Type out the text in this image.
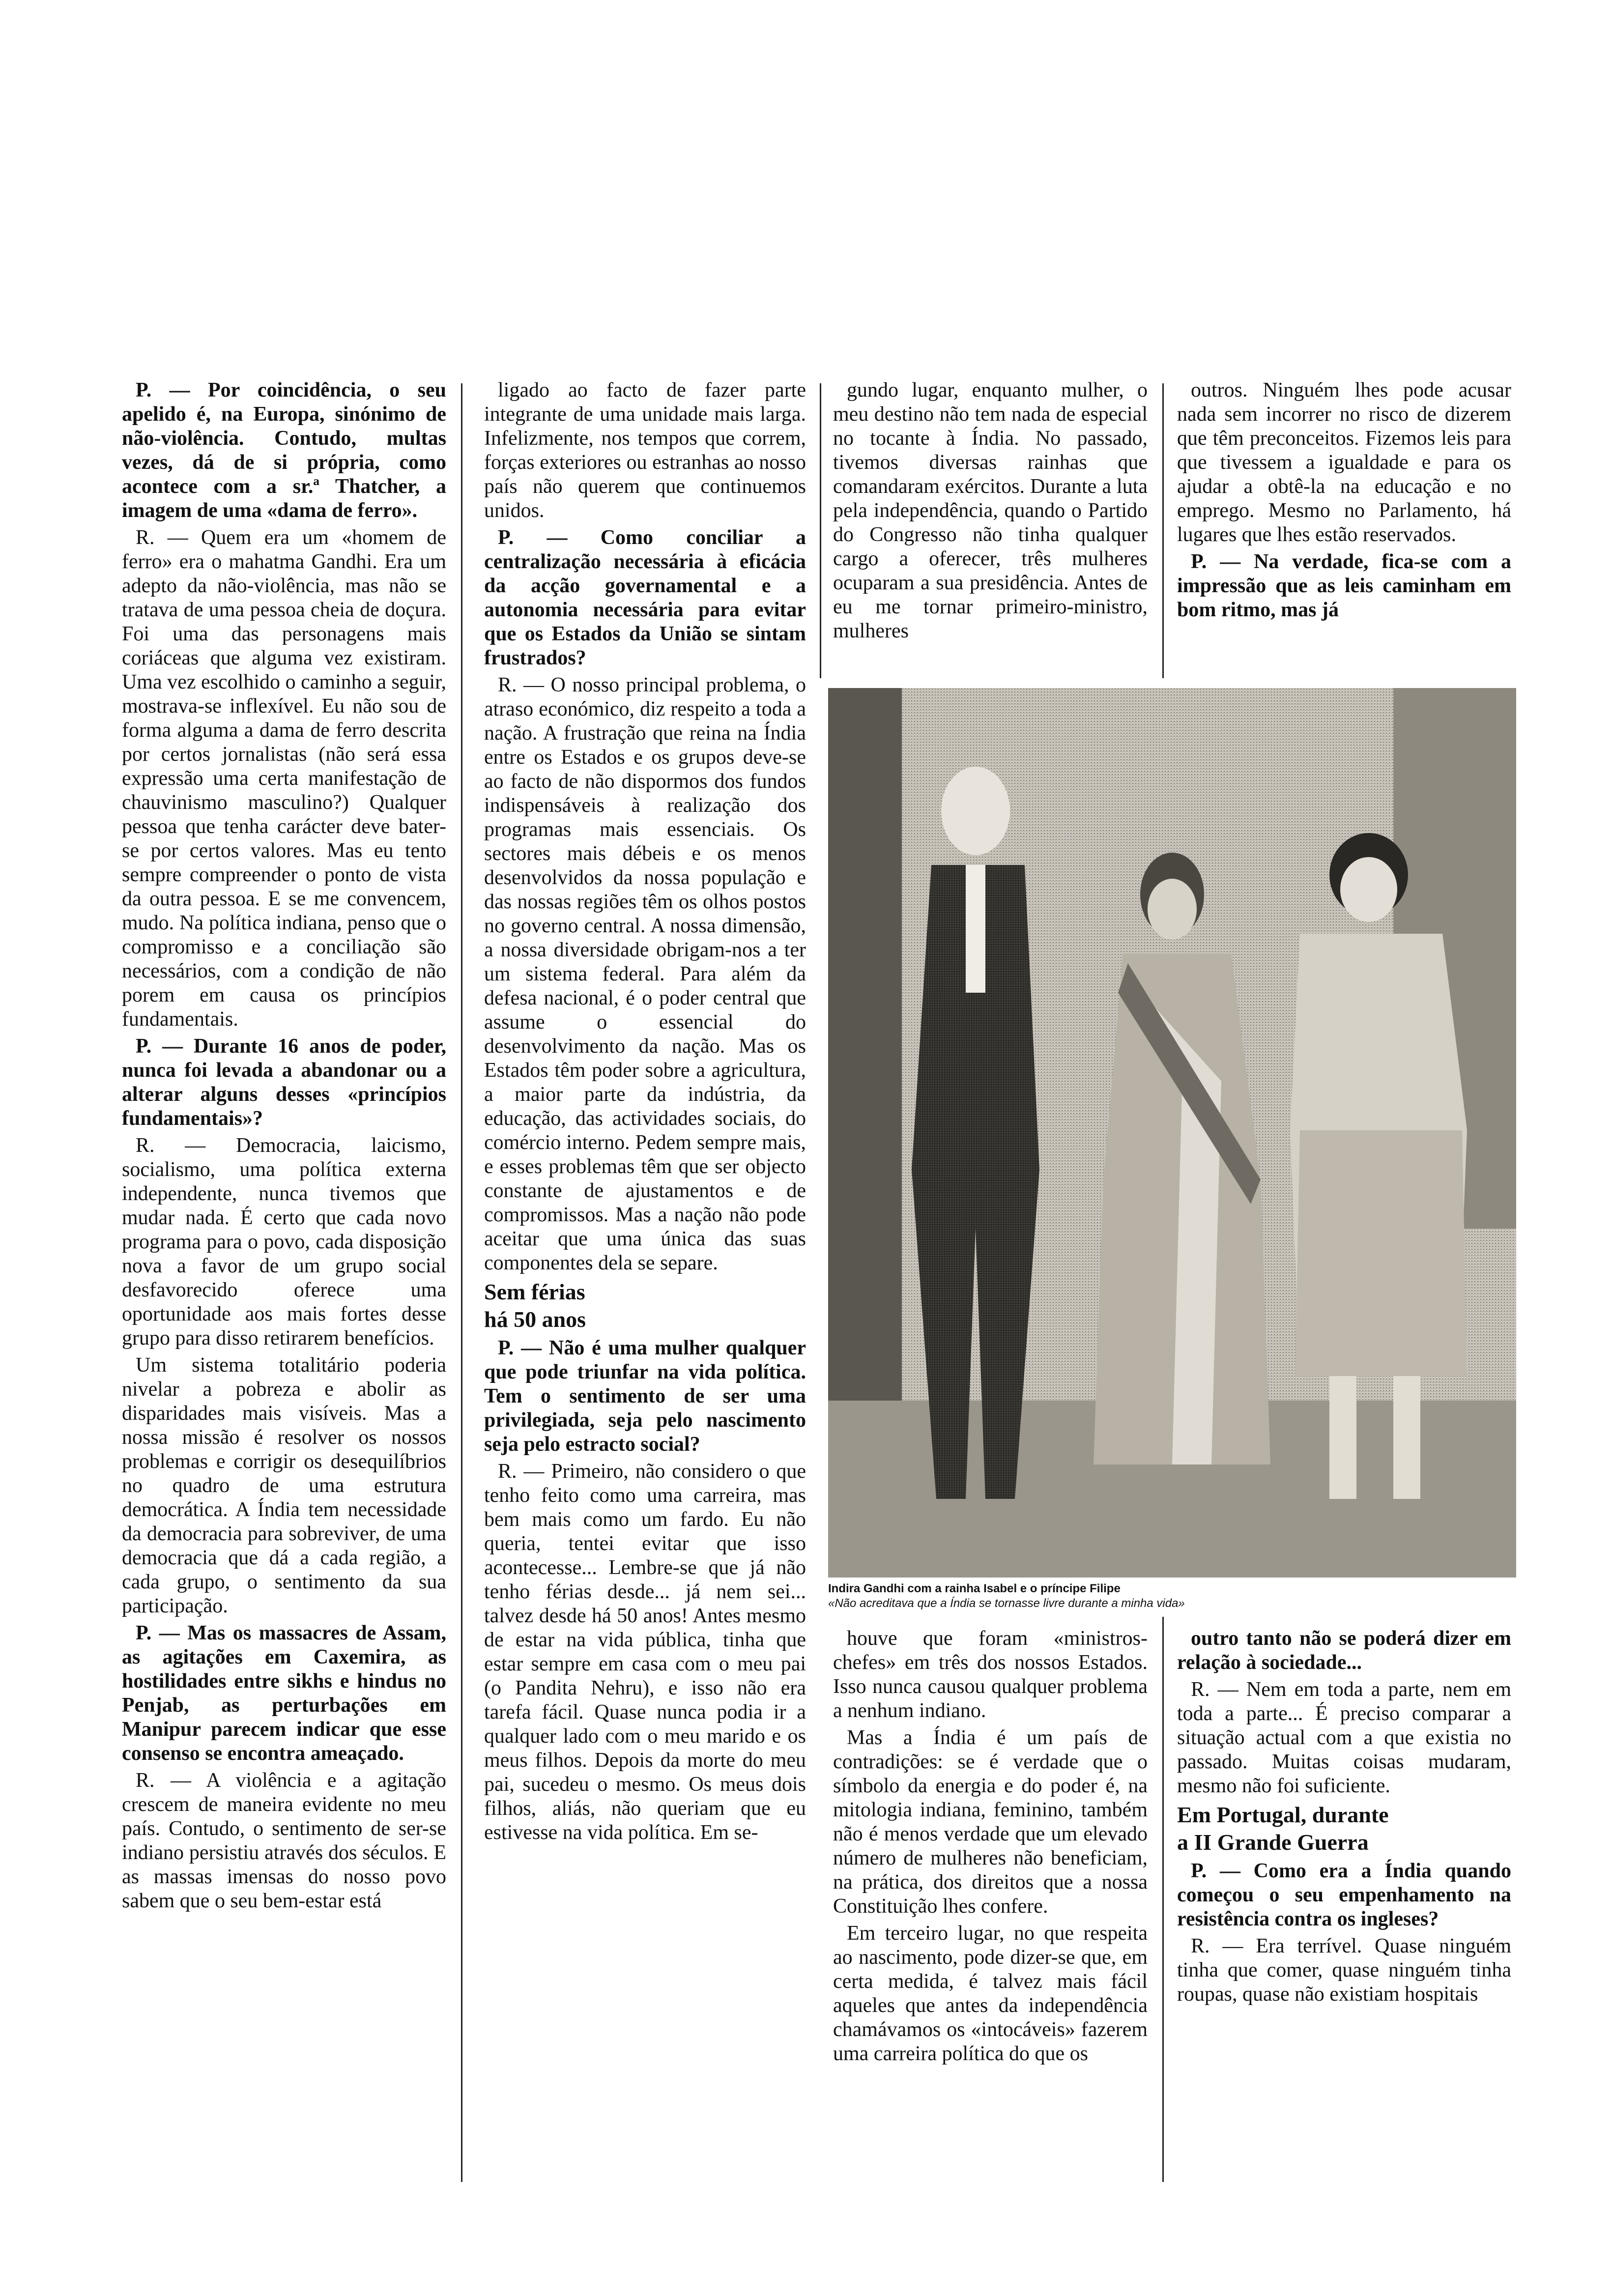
P. — Por coincidência, o seu apelido é, na Europa, sinónimo de não-violência. Contudo, multas vezes, dá de si própria, como acontece com a sr.ª Thatcher, a imagem de uma «dama de ferro».

R. — Quem era um «homem de ferro» era o mahatma Gandhi. Era um adepto da não-violência, mas não se tratava de uma pessoa cheia de doçura. Foi uma das personagens mais coriáceas que alguma vez existiram. Uma vez escolhido o caminho a seguir, mostrava-se inflexível. Eu não sou de forma alguma a dama de ferro descrita por certos jornalistas (não será essa expressão uma certa manifestação de chauvinismo masculino?) Qualquer pessoa que tenha carácter deve bater-se por certos valores. Mas eu tento sempre compreender o ponto de vista da outra pessoa. E se me convencem, mudo. Na política indiana, penso que o compromisso e a conciliação são necessários, com a condição de não porem em causa os princípios fundamentais.

P. — Durante 16 anos de poder, nunca foi levada a abandonar ou a alterar alguns desses «princípios fundamentais»?

R. — Democracia, laicismo, socialismo, uma política externa independente, nunca tivemos que mudar nada. É certo que cada novo programa para o povo, cada disposição nova a favor de um grupo social desfavorecido oferece uma oportunidade aos mais fortes desse grupo para disso retirarem benefícios.

Um sistema totalitário poderia nivelar a pobreza e abolir as disparidades mais visíveis. Mas a nossa missão é resolver os nossos problemas e corrigir os desequilíbrios no quadro de uma estrutura democrática. A Índia tem necessidade da democracia para sobreviver, de uma democracia que dá a cada região, a cada grupo, o sentimento da sua participação.

P. — Mas os massacres de Assam, as agitações em Caxemira, as hostilidades entre sikhs e hindus no Penjab, as perturbações em Manipur parecem indicar que esse consenso se encontra ameaçado.

R. — A violência e a agitação crescem de maneira evidente no meu país. Contudo, o sentimento de ser-se indiano persistiu através dos séculos. E as massas imensas do nosso povo sabem que o seu bem-estar está

ligado ao facto de fazer parte integrante de uma unidade mais larga. Infelizmente, nos tempos que correm, forças exteriores ou estranhas ao nosso país não querem que continuemos unidos.

P. — Como conciliar a centralização necessária à eficácia da acção governamental e a autonomia necessária para evitar que os Estados da União se sintam frustrados?

R. — O nosso principal problema, o atraso económico, diz respeito a toda a nação. A frustração que reina na Índia entre os Estados e os grupos deve-se ao facto de não dispormos dos fundos indispensáveis à realização dos programas mais essenciais. Os sectores mais débeis e os menos desenvolvidos da nossa população e das nossas regiões têm os olhos postos no governo central. A nossa dimensão, a nossa diversidade obrigam-nos a ter um sistema federal. Para além da defesa nacional, é o poder central que assume o essencial do desenvolvimento da nação. Mas os Estados têm poder sobre a agricultura, a maior parte da indústria, da educação, das actividades sociais, do comércio interno. Pedem sempre mais, e esses problemas têm que ser objecto constante de ajustamentos e de compromissos. Mas a nação não pode aceitar que uma única das suas componentes dela se separe.

Sem férias
há 50 anos

P. — Não é uma mulher qualquer que pode triunfar na vida política. Tem o sentimento de ser uma privilegiada, seja pelo nascimento seja pelo estracto social?

R. — Primeiro, não considero o que tenho feito como uma carreira, mas bem mais como um fardo. Eu não queria, tentei evitar que isso acontecesse... Lembre-se que já não tenho férias desde... já nem sei... talvez desde há 50 anos! Antes mesmo de estar na vida pública, tinha que estar sempre em casa com o meu pai (o Pandita Nehru), e isso não era tarefa fácil. Quase nunca podia ir a qualquer lado com o meu marido e os meus filhos. Depois da morte do meu pai, sucedeu o mesmo. Os meus dois filhos, aliás, não queriam que eu estivesse na vida política. Em se-

gundo lugar, enquanto mulher, o meu destino não tem nada de especial no tocante à Índia. No passado, tivemos diversas rainhas que comandaram exércitos. Durante a luta pela independência, quando o Partido do Congresso não tinha qualquer cargo a oferecer, três mulheres ocuparam a sua presidência. Antes de eu me tornar primeiro-ministro, mulheres

outros. Ninguém lhes pode acusar nada sem incorrer no risco de dizerem que têm preconceitos. Fizemos leis para que tivessem a igualdade e para os ajudar a obtê-la na educação e no emprego. Mesmo no Parlamento, há lugares que lhes estão reservados.

P. — Na verdade, fica-se com a impressão que as leis caminham em bom ritmo, mas já

Indira Gandhi com a rainha Isabel e o príncipe Filipe
«Não acreditava que a Índia se tornasse livre durante a minha vida»

houve que foram «ministros-chefes» em três dos nossos Estados. Isso nunca causou qualquer problema a nenhum indiano.

Mas a Índia é um país de contradições: se é verdade que o símbolo da energia e do poder é, na mitologia indiana, feminino, também não é menos verdade que um elevado número de mulheres não beneficiam, na prática, dos direitos que a nossa Constituição lhes confere.

Em terceiro lugar, no que respeita ao nascimento, pode dizer-se que, em certa medida, é talvez mais fácil aqueles que antes da independência chamávamos os «intocáveis» fazerem uma carreira política do que os

outro tanto não se poderá dizer em relação à sociedade...

R. — Nem em toda a parte, nem em toda a parte... É preciso comparar a situação actual com a que existia no passado. Muitas coisas mudaram, mesmo não foi suficiente.

Em Portugal, durante
a II Grande Guerra

P. — Como era a Índia quando começou o seu empenhamento na resistência contra os ingleses?

R. — Era terrível. Quase ninguém tinha que comer, quase ninguém tinha roupas, quase não existiam hospitais
